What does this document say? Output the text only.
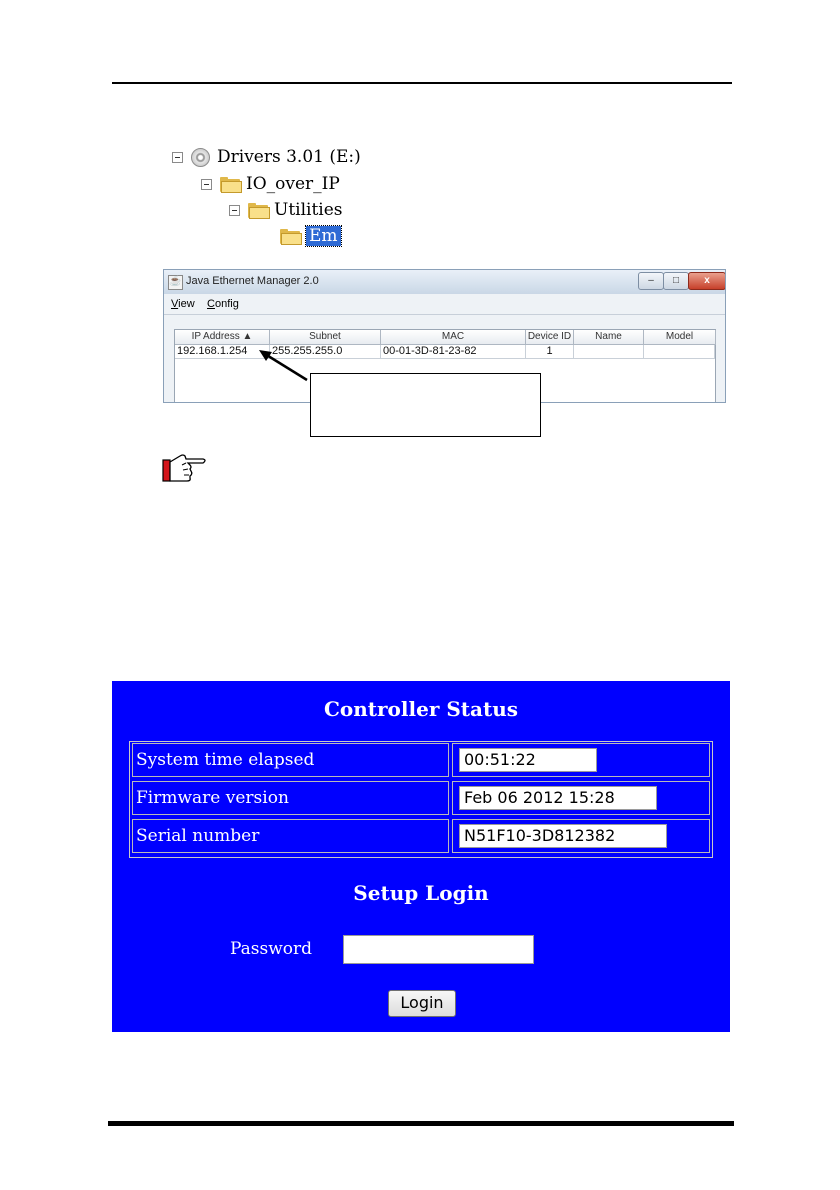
Drivers 3.01 (E:)
IO_over_IP
Utilities
Em
☕ Java Ethernet Manager 2.0	–	□	x
View Config
IP Address ▲	Subnet	MAC	Device ID	Name	Model
192.168.1.254	255.255.255.0	00-01-3D-81-23-82	1
Controller Status
System time elapsed	00:51:22
Firmware version	Feb 06 2012 15:28
Serial number	N51F10-3D812382
Setup Login
Password
Login
